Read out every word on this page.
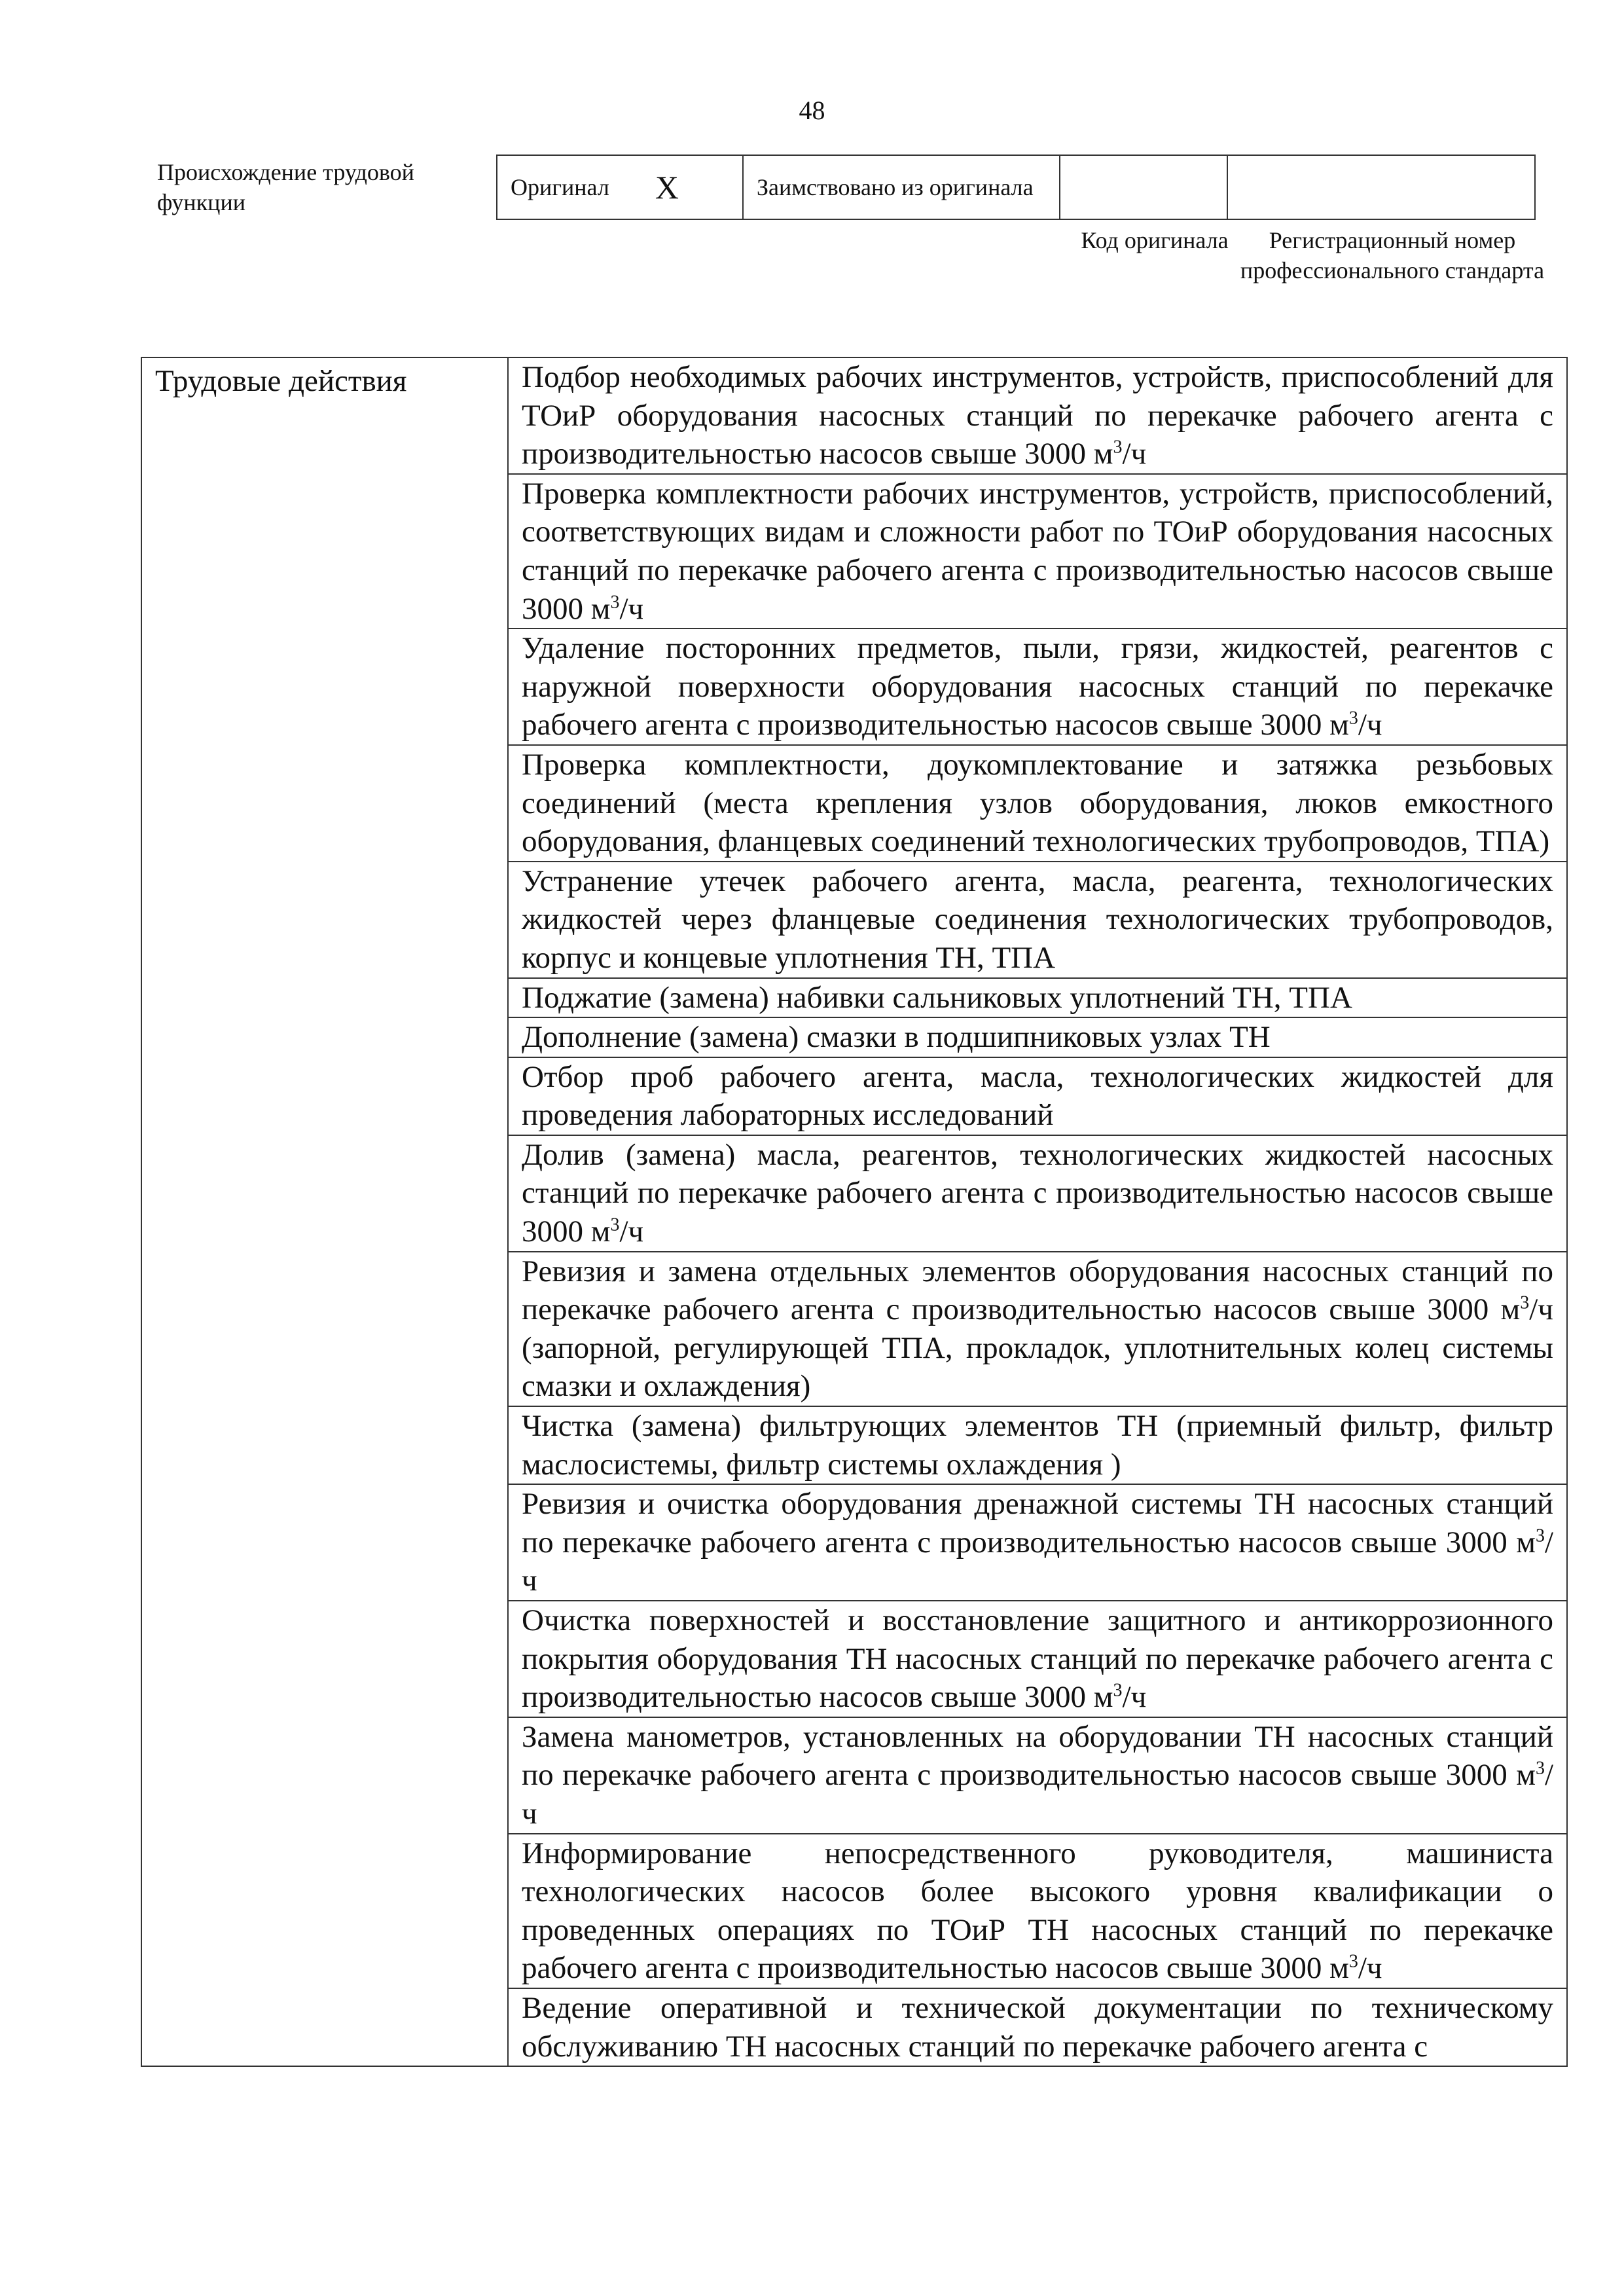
48
Происхождение трудовой функции
Оригинал X	Заимствовано из оригинала		
Код оригинала	Регистрационный номер профессионального стандарта
Трудовые действия	Подбор необходимых рабочих инструментов, устройств, приспособлений для ТОиР оборудования насосных станций по перекачке рабочего агента с производительностью насосов свыше 3000 $м^3/ч$
Проверка комплектности рабочих инструментов, устройств, приспособлений, соответствующих видам и сложности работ по ТОиР оборудования насосных станций по перекачке рабочего агента с производительностью насосов свыше 3000 $м^3/ч$
Удаление посторонних предметов, пыли, грязи, жидкостей, реагентов с наружной поверхности оборудования насосных станций по перекачке рабочего агента с производительностью насосов свыше 3000 $м^3/ч$
Проверка комплектности, доукомплектование и затяжка резьбовых соединений (места крепления узлов оборудования, люков емкостного оборудования, фланцевых соединений технологических трубопроводов, ТПА)
Устранение утечек рабочего агента, масла, реагента, технологических жидкостей через фланцевые соединения технологических трубопроводов, корпус и концевые уплотнения ТН, ТПА
Поджатие (замена) набивки сальниковых уплотнений ТН, ТПА
Дополнение (замена) смазки в подшипниковых узлах ТН
Отбор проб рабочего агента, масла, технологических жидкостей для проведения лабораторных исследований
Долив (замена) масла, реагентов, технологических жидкостей насосных станций по перекачке рабочего агента с производительностью насосов свыше 3000 $м^3/ч$
Ревизия и замена отдельных элементов оборудования насосных станций по перекачке рабочего агента с производительностью насосов свыше 3000 $м^3/ч$ (запорной, регулирующей ТПА, прокладок, уплотнительных колец системы смазки и охлаждения)
Чистка (замена) фильтрующих элементов ТН (приемный фильтр, фильтр маслосистемы, фильтр системы охлаждения )
Ревизия и очистка оборудования дренажной системы ТН насосных станций по перекачке рабочего агента с производительностью насосов свыше 3000 $м^3/ч$
Очистка поверхностей и восстановление защитного и антикоррозионного покрытия оборудования ТН насосных станций по перекачке рабочего агента с производительностью насосов свыше 3000 $м^3/ч$
Замена манометров, установленных на оборудовании ТН насосных станций по перекачке рабочего агента с производительностью насосов свыше 3000 $м^3/ч$
Информирование непосредственного руководителя, машиниста технологических насосов более высокого уровня квалификации о проведенных операциях по ТОиР ТН насосных станций по перекачке рабочего агента с производительностью насосов свыше 3000 $м^3/ч$
Ведение оперативной и технической документации по техническому обслуживанию ТН насосных станций по перекачке рабочего агента с
